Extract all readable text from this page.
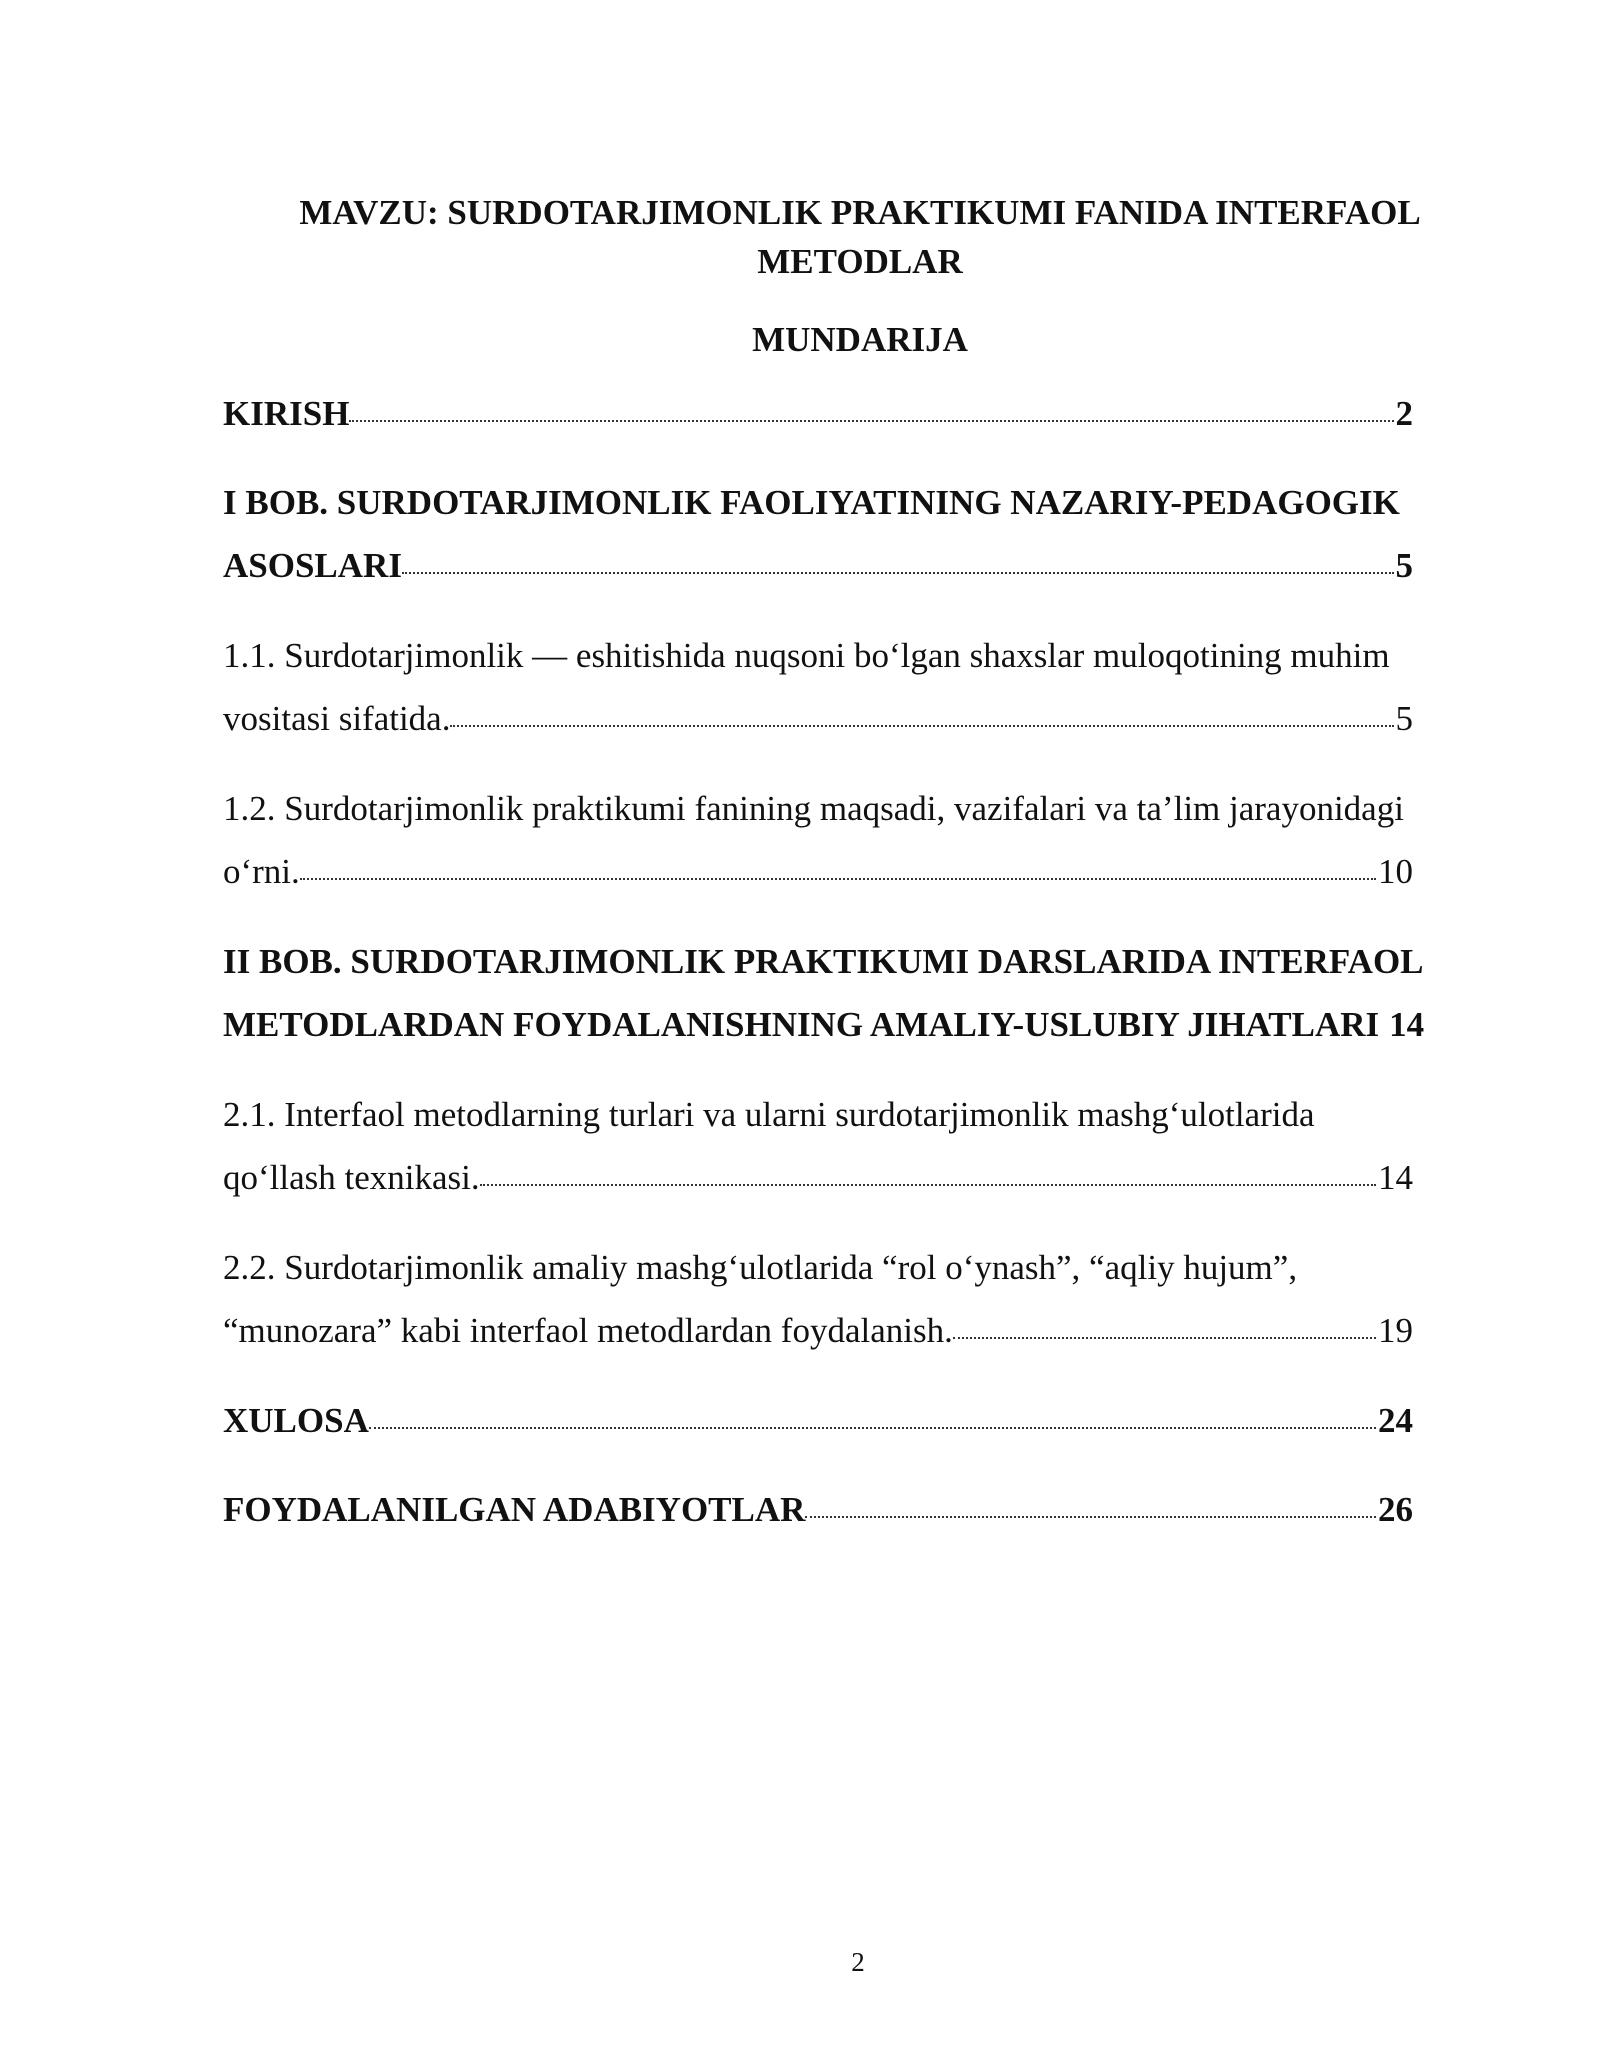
MAVZU: SURDOTARJIMONLIK PRAKTIKUMI FANIDA INTERFAOL
METODLAR
MUNDARIJA
KIRISH	2
I BOB. SURDOTARJIMONLIK FAOLIYATINING NAZARIY-PEDAGOGIK
ASOSLARI	5
1.1. Surdotarjimonlik — eshitishida nuqsoni bo‘lgan shaxslar muloqotining muhim
vositasi sifatida.	5
1.2. Surdotarjimonlik praktikumi fanining maqsadi, vazifalari va ta’lim jarayonidagi
o‘rni.	10
II BOB. SURDOTARJIMONLIK PRAKTIKUMI DARSLARIDA INTERFAOL
METODLARDAN FOYDALANISHNING AMALIY-USLUBIY JIHATLARI 14
2.1. Interfaol metodlarning turlari va ularni surdotarjimonlik mashg‘ulotlarida
qo‘llash texnikasi.	14
2.2. Surdotarjimonlik amaliy mashg‘ulotlarida “rol o‘ynash”, “aqliy hujum”,
“munozara” kabi interfaol metodlardan foydalanish.	19
XULOSA	24
FOYDALANILGAN ADABIYOTLAR	26
2
